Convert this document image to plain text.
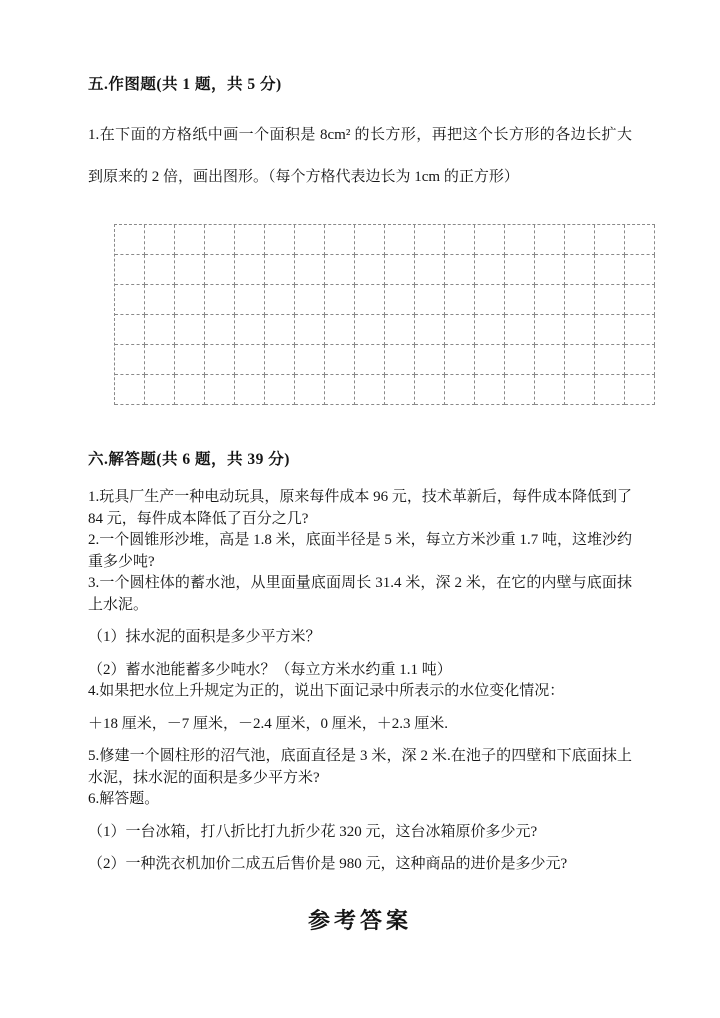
五.作图题(共 1 题，共 5 分)

1.在下面的方格纸中画一个面积是 8cm² 的长方形，再把这个长方形的各边长扩大到原来的 2 倍，画出图形。（每个方格代表边长为 1cm 的正方形）

六.解答题(共 6 题，共 39 分)

1.玩具厂生产一种电动玩具，原来每件成本 96 元，技术革新后，每件成本降低到了 84 元，每件成本降低了百分之几?

2.一个圆锥形沙堆，高是 1.8 米，底面半径是 5 米，每立方米沙重 1.7 吨，这堆沙约重多少吨?

3.一个圆柱体的蓄水池，从里面量底面周长 31.4 米，深 2 米，在它的内壁与底面抹上水泥。

（1）抹水泥的面积是多少平方米？

（2）蓄水池能蓄多少吨水？（每立方米水约重 1.1 吨）

4.如果把水位上升规定为正的，说出下面记录中所表示的水位变化情况：

＋18 厘米，－7 厘米，－2.4 厘米，0 厘米，＋2.3 厘米.

5.修建一个圆柱形的沼气池，底面直径是 3 米，深 2 米.在池子的四壁和下底面抹上水泥，抹水泥的面积是多少平方米?

6.解答题。

（1）一台冰箱，打八折比打九折少花 320 元，这台冰箱原价多少元?

（2）一种洗衣机加价二成五后售价是 980 元，这种商品的进价是多少元?

参考答案
